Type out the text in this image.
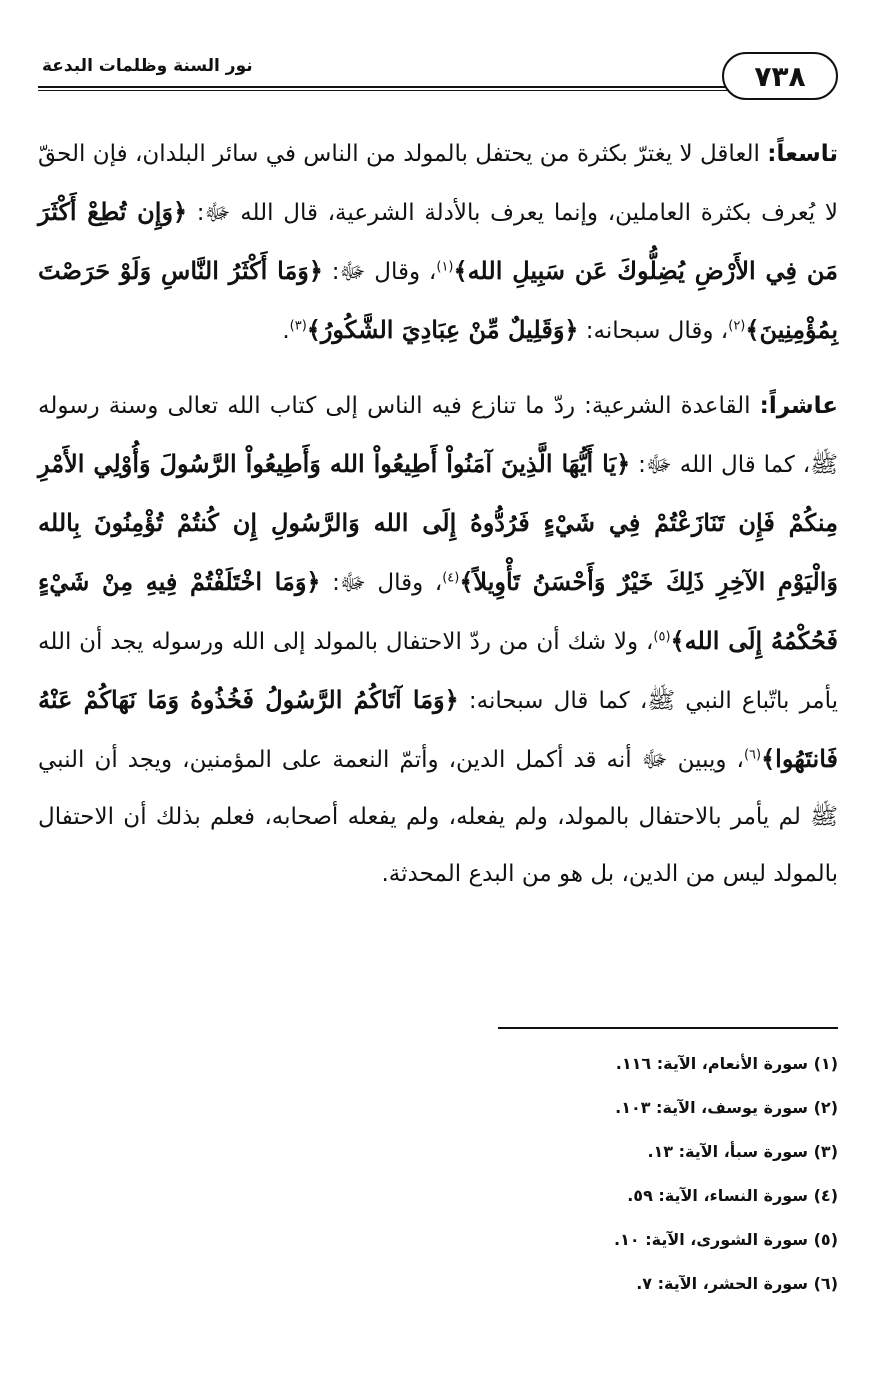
٧٣٨
نور السنة وظلمات البدعة

تاسعاً: العاقل لا يغترّ بكثرة من يحتفل بالمولد من الناس في سائر البلدان، فإن الحقّ لا يُعرف بكثرة العاملين، وإنما يعرف بالأدلة الشرعية، قال الله ﷻ: ﴿وَإِن تُطِعْ أَكْثَرَ مَن فِي الأَرْضِ يُضِلُّوكَ عَن سَبِيلِ الله﴾$^{(١)}$، وقال ﷻ: ﴿وَمَا أَكْثَرُ النَّاسِ وَلَوْ حَرَصْتَ بِمُؤْمِنِينَ﴾$^{(٢)}$، وقال سبحانه: ﴿وَقَلِيلٌ مِّنْ عِبَادِيَ الشَّكُورُ﴾$^{(٣)}$.

عاشراً: القاعدة الشرعية: ردّ ما تنازع فيه الناس إلى كتاب الله تعالى وسنة رسوله ﷺ، كما قال الله ﷻ: ﴿يَا أَيُّهَا الَّذِينَ آمَنُواْ أَطِيعُواْ الله وَأَطِيعُواْ الرَّسُولَ وَأُوْلِي الأَمْرِ مِنكُمْ فَإِن تَنَازَعْتُمْ فِي شَيْءٍ فَرُدُّوهُ إِلَى الله وَالرَّسُولِ إِن كُنتُمْ تُؤْمِنُونَ بِالله وَالْيَوْمِ الآخِرِ ذَلِكَ خَيْرٌ وَأَحْسَنُ تَأْوِيلاً﴾$^{(٤)}$، وقال ﷻ: ﴿وَمَا اخْتَلَفْتُمْ فِيهِ مِنْ شَيْءٍ فَحُكْمُهُ إِلَى الله﴾$^{(٥)}$، ولا شك أن من ردّ الاحتفال بالمولد إلى الله ورسوله يجد أن الله يأمر باتّباع النبي ﷺ، كما قال سبحانه: ﴿وَمَا آتَاكُمُ الرَّسُولُ فَخُذُوهُ وَمَا نَهَاكُمْ عَنْهُ فَانتَهُوا﴾$^{(٦)}$، ويبين ﷻ أنه قد أكمل الدين، وأتمّ النعمة على المؤمنين، ويجد أن النبي ﷺ لم يأمر بالاحتفال بالمولد، ولم يفعله، ولم يفعله أصحابه، فعلم بذلك أن الاحتفال بالمولد ليس من الدين، بل هو من البدع المحدثة.

(١) سورة الأنعام، الآية: ١١٦.
(٢) سورة يوسف، الآية: ١٠٣.
(٣) سورة سبأ، الآية: ١٣.
(٤) سورة النساء، الآية: ٥٩.
(٥) سورة الشورى، الآية: ١٠.
(٦) سورة الحشر، الآية: ٧.
